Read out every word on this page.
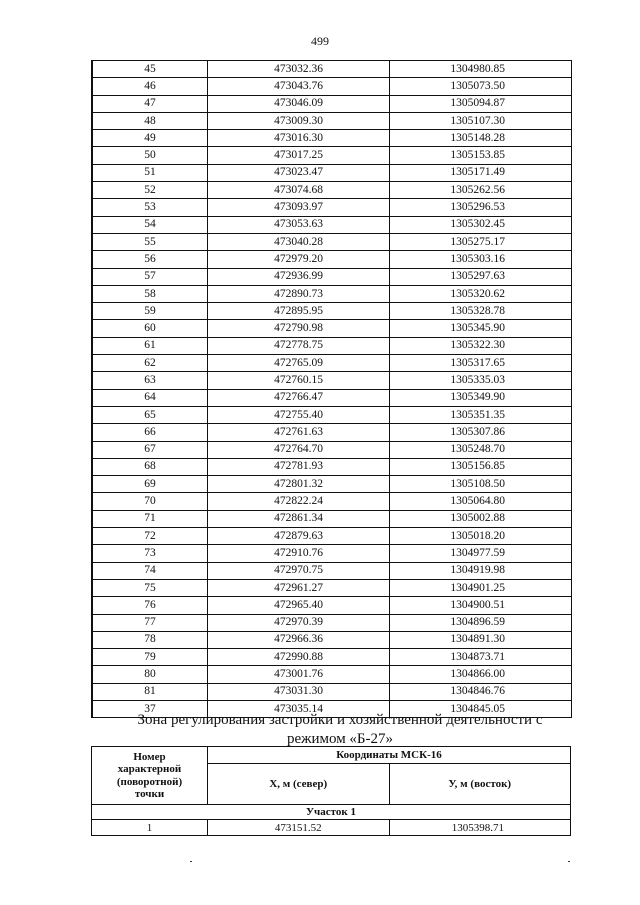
499
45	473032.36	1304980.85
46	473043.76	1305073.50
47	473046.09	1305094.87
48	473009.30	1305107.30
49	473016.30	1305148.28
50	473017.25	1305153.85
51	473023.47	1305171.49
52	473074.68	1305262.56
53	473093.97	1305296.53
54	473053.63	1305302.45
55	473040.28	1305275.17
56	472979.20	1305303.16
57	472936.99	1305297.63
58	472890.73	1305320.62
59	472895.95	1305328.78
60	472790.98	1305345.90
61	472778.75	1305322.30
62	472765.09	1305317.65
63	472760.15	1305335.03
64	472766.47	1305349.90
65	472755.40	1305351.35
66	472761.63	1305307.86
67	472764.70	1305248.70
68	472781.93	1305156.85
69	472801.32	1305108.50
70	472822.24	1305064.80
71	472861.34	1305002.88
72	472879.63	1305018.20
73	472910.76	1304977.59
74	472970.75	1304919.98
75	472961.27	1304901.25
76	472965.40	1304900.51
77	472970.39	1304896.59
78	472966.36	1304891.30
79	472990.88	1304873.71
80	473001.76	1304866.00
81	473031.30	1304846.76
37	473035.14	1304845.05
Зона регулирования застройки и хозяйственной деятельности с
режимом «Б-27»
Номер
характерной
(поворотной)
точки	Координаты МСК-16	
	X, м (север)	У, м (восток)
Участок 1		
1	473151.52	1305398.71
